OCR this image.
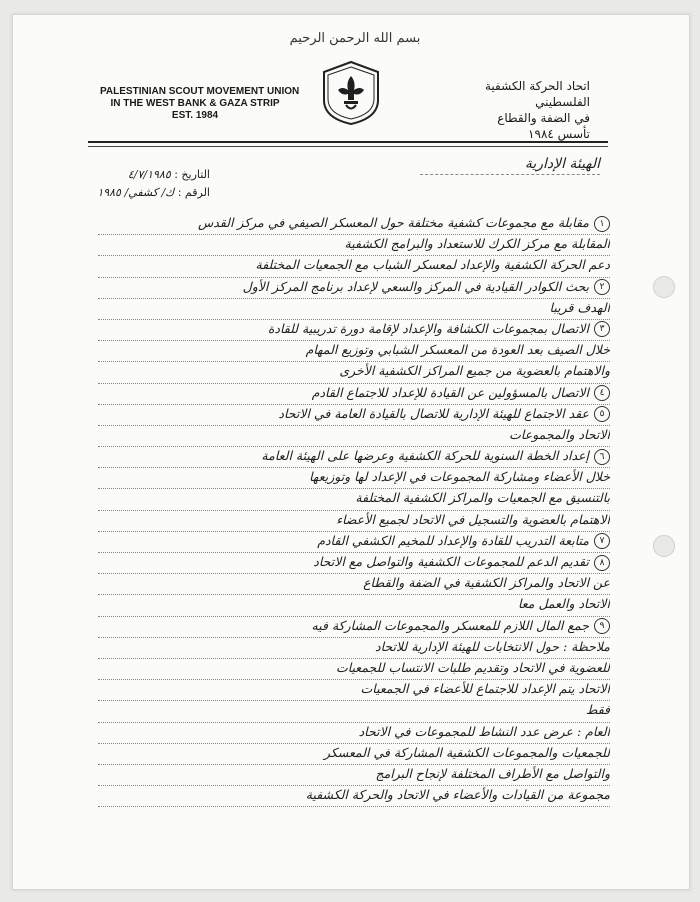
بسم الله الرحمن الرحيم
PALESTINIAN SCOUT MOVEMENT UNION
IN THE WEST BANK & GAZA STRIP
EST. 1984
اتحاد الحركة الكشفية الفلسطيني
في الضفة والقطاع
تأسس ١٩٨٤
التاريخ : ٤/٧/١٩٨٥
الرقم : ك/ كشفي/ ١٩٨٥
الهيئة الإدارية
١مقابلة مع مجموعات كشفية مختلفة حول المعسكر الصيفي في مركز القدس
المقابلة مع مركز الكرك للاستعداد والبرامج الكشفية
دعم الحركة الكشفية والإعداد لمعسكر الشباب مع الجمعيات المختلفة
٢بحث الكوادر القيادية في المركز والسعي لإعداد برنامج المركز الأول
الهدف قريبا
٣الاتصال بمجموعات الكشافة والإعداد لإقامة دورة تدريبية للقادة
خلال الصيف بعد العودة من المعسكر الشبابي وتوزيع المهام
والاهتمام بالعضوية من جميع المراكز الكشفية الأخرى
٤الاتصال بالمسؤولين عن القيادة للإعداد للاجتماع القادم
٥عقد الاجتماع للهيئة الإدارية للاتصال بالقيادة العامة في الاتحاد
الاتحاد والمجموعات
٦إعداد الخطة السنوية للحركة الكشفية وعرضها على الهيئة العامة
خلال الأعضاء ومشاركة المجموعات في الإعداد لها وتوزيعها
بالتنسيق مع الجمعيات والمراكز الكشفية المختلفة
الاهتمام بالعضوية والتسجيل في الاتحاد لجميع الأعضاء
٧متابعة التدريب للقادة والإعداد للمخيم الكشفي القادم
٨تقديم الدعم للمجموعات الكشفية والتواصل مع الاتحاد
عن الاتحاد والمراكز الكشفية في الضفة والقطاع
الاتحاد والعمل معا
٩جمع المال اللازم للمعسكر والمجموعات المشاركة فيه
ملاحظة : حول الانتخابات للهيئة الإدارية للاتحاد
للعضوية في الاتحاد وتقديم طلبات الانتساب للجمعيات
الاتحاد يتم الإعداد للاجتماع للأعضاء في الجمعيات
فقط
العام : عرض عدد النشاط للمجموعات في الاتحاد
للجمعيات والمجموعات الكشفية المشاركة في المعسكر
والتواصل مع الأطراف المختلفة لإنجاح البرامج
مجموعة من القيادات والأعضاء في الاتحاد والحركة الكشفية
